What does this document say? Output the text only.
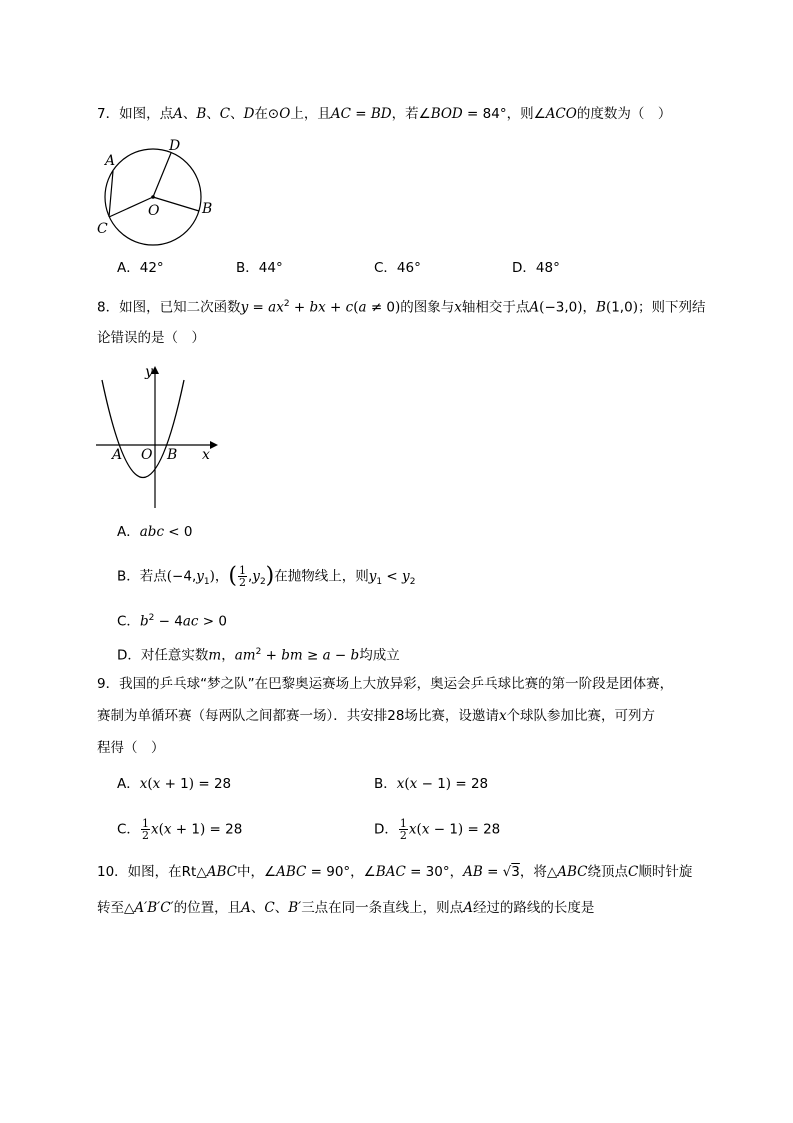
7．如图，点A、B、C、D在⊙O上，且AC = BD，若∠BOD = 84°，则∠ACO的度数为（　）
A
D
O	B
C
A．42°	B．44°	C．46°	D．48°
8．如图，已知二次函数$y = ax^2$ + bx + c(a ≠ 0)的图象与x轴相交于点A(−3,0)，B(1,0)；则下列结
论错误的是（　）
y
x
A O B
A．abc < 0
B．若点$(-4,y_1)$，( $\frac{1}{2} ,y_2$)在抛物线上，则$y_1 < y_2$
C．$b^2 - 4ac > 0$
D．对任意实数m，$am^2$ + bm ≥ a − b均成立
9．我国的乒乓球“梦之队”在巴黎奥运赛场上大放异彩，奥运会乒乓球比赛的第一阶段是团体赛，
赛制为单循环赛（每两队之间都赛一场）．共安排28场比赛，设邀请x个球队参加比赛，可列方
程得（　）
A．x(x + 1) = 28	B．x(x − 1) = 28
C． $\frac{1}{2} x(x + 1) = 28$	D． $\frac{1}{2} x(x - 1) = 28$
10．如图，在Rt△ABC中，∠ABC = 90°，∠BAC = 30°，AB = √3，将△ABC绕顶点C顺时针旋
转至△A′B′C′的位置，且A、C、B′三点在同一条直线上，则点A经过的路线的长度是
